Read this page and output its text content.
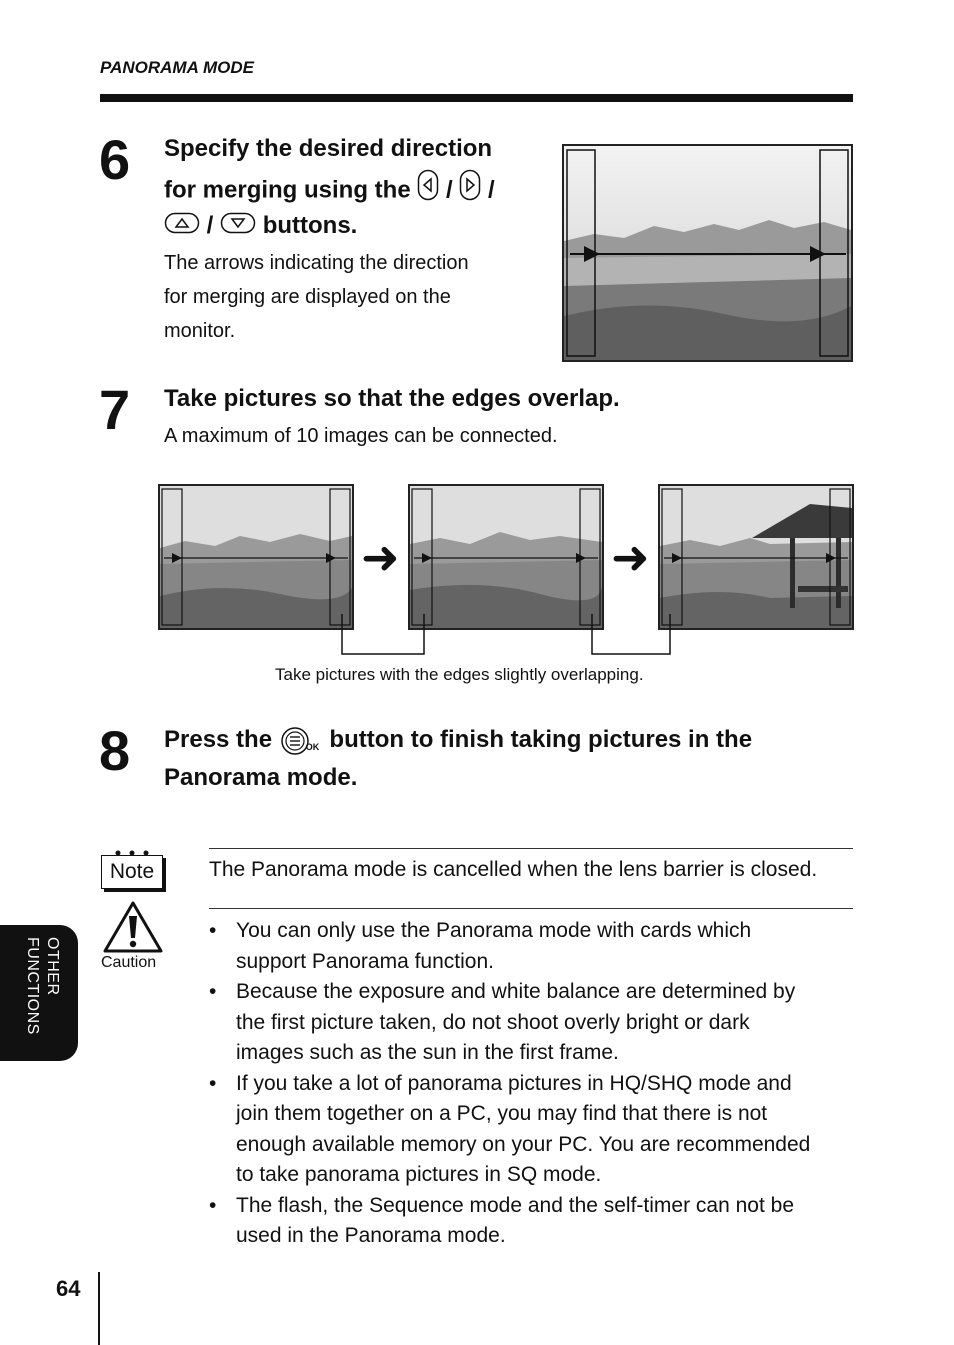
PANORAMA MODE
6 Specify the desired direction
for merging using the / /
/ buttons.
The arrows indicating the direction
for merging are displayed on the
monitor.
7 Take pictures so that the edges overlap.
A maximum of 10 images can be connected.
➜	➜
Take pictures with the edges slightly overlapping.
8 Press the	OK button to finish taking pictures in the
Panorama mode.
Note	The Panorama mode is cancelled when the lens barrier is closed.
Caution
• You can only use the Panorama mode with cards which
support Panorama function.
• Because the exposure and white balance are determined by
the first picture taken, do not shoot overly bright or dark
images such as the sun in the first frame.
• If you take a lot of panorama pictures in HQ/SHQ mode and
join them together on a PC, you may find that there is not
enough available memory on your PC. You are recommended
to take panorama pictures in SQ mode.
• The flash, the Sequence mode and the self-timer can not be
used in the Panorama mode.
OTHER FUNCTIONS
64
